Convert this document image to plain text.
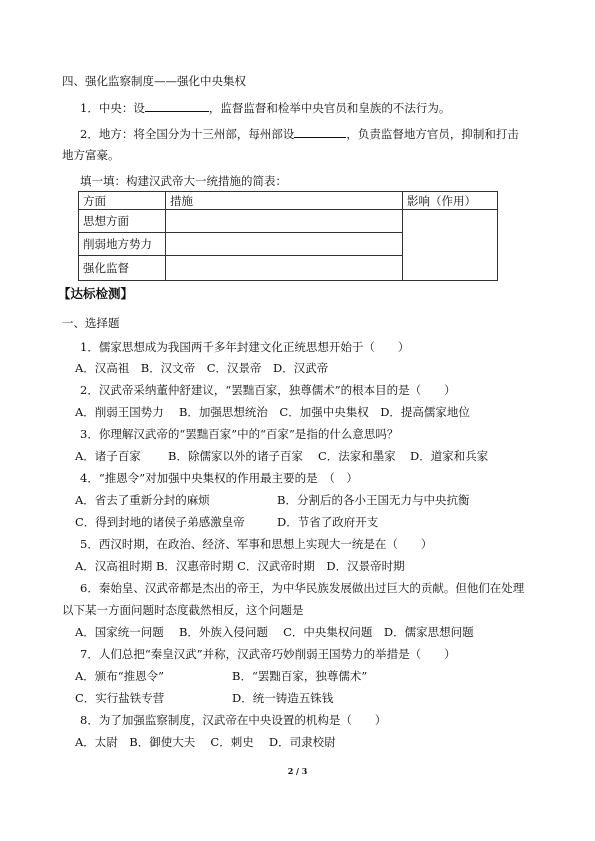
四、强化监察制度——强化中央集权
1．中央：设	，监督监督和检举中央官员和皇族的不法行为。
2．地方：将全国分为十三州部，每州部设	，负责监督地方官员，抑制和打击
地方富豪。
填一填：构建汉武帝大一统措施的简表：
方面	措施	影响（作用）
思想方面		
削弱地方势力		
强化监督		
【达标检测】
一、选择题
1．儒家思想成为我国两千多年封建文化正统思想开始于（　　）
A．汉高祖　B．汉文帝　C．汉景帝　D．汉武帝
2．汉武帝采纳董仲舒建议，“罢黜百家，独尊儒术”的根本目的是（　　）
A．削弱王国势力　 B．加强思想统治　C．加强中央集权　D．提高儒家地位
3．你理解汉武帝的“罢黜百家”中的“百家”是指的什么意思吗？
A．诸子百家 B．除儒家以外的诸子百家 C．法家和墨家 D．道家和兵家
4．“推恩令”对加强中央集权的作用最主要的是　（　）
A．省去了重新分封的麻烦	B．分割后的各小王国无力与中央抗衡
C．得到封地的诸侯子弟感激皇帝	D．节省了政府开支
5．西汉时期，在政治、经济、军事和思想上实现大一统是在（　　）
A．汉高祖时期 B．汉惠帝时期 C．汉武帝时期　D．汉景帝时期
6．秦始皇、汉武帝都是杰出的帝王，为中华民族发展做出过巨大的贡献。但他们在处理
以下某一方面问题时态度截然相反，这个问题是
A．国家统一问题　 B．外族入侵问题　 C．中央集权问题　D．儒家思想问题
7．人们总把“秦皇汉武”并称，汉武帝巧妙削弱王国势力的举措是（　　）
A．颁布“推恩令”	B．“罢黜百家，独尊儒术”
C．实行盐铁专营	D．统一铸造五铢钱
8．为了加强监察制度，汉武帝在中央设置的机构是（　　）
A．太尉　B．御使大夫　 C．刺史　 D．司隶校尉
2 / 3
